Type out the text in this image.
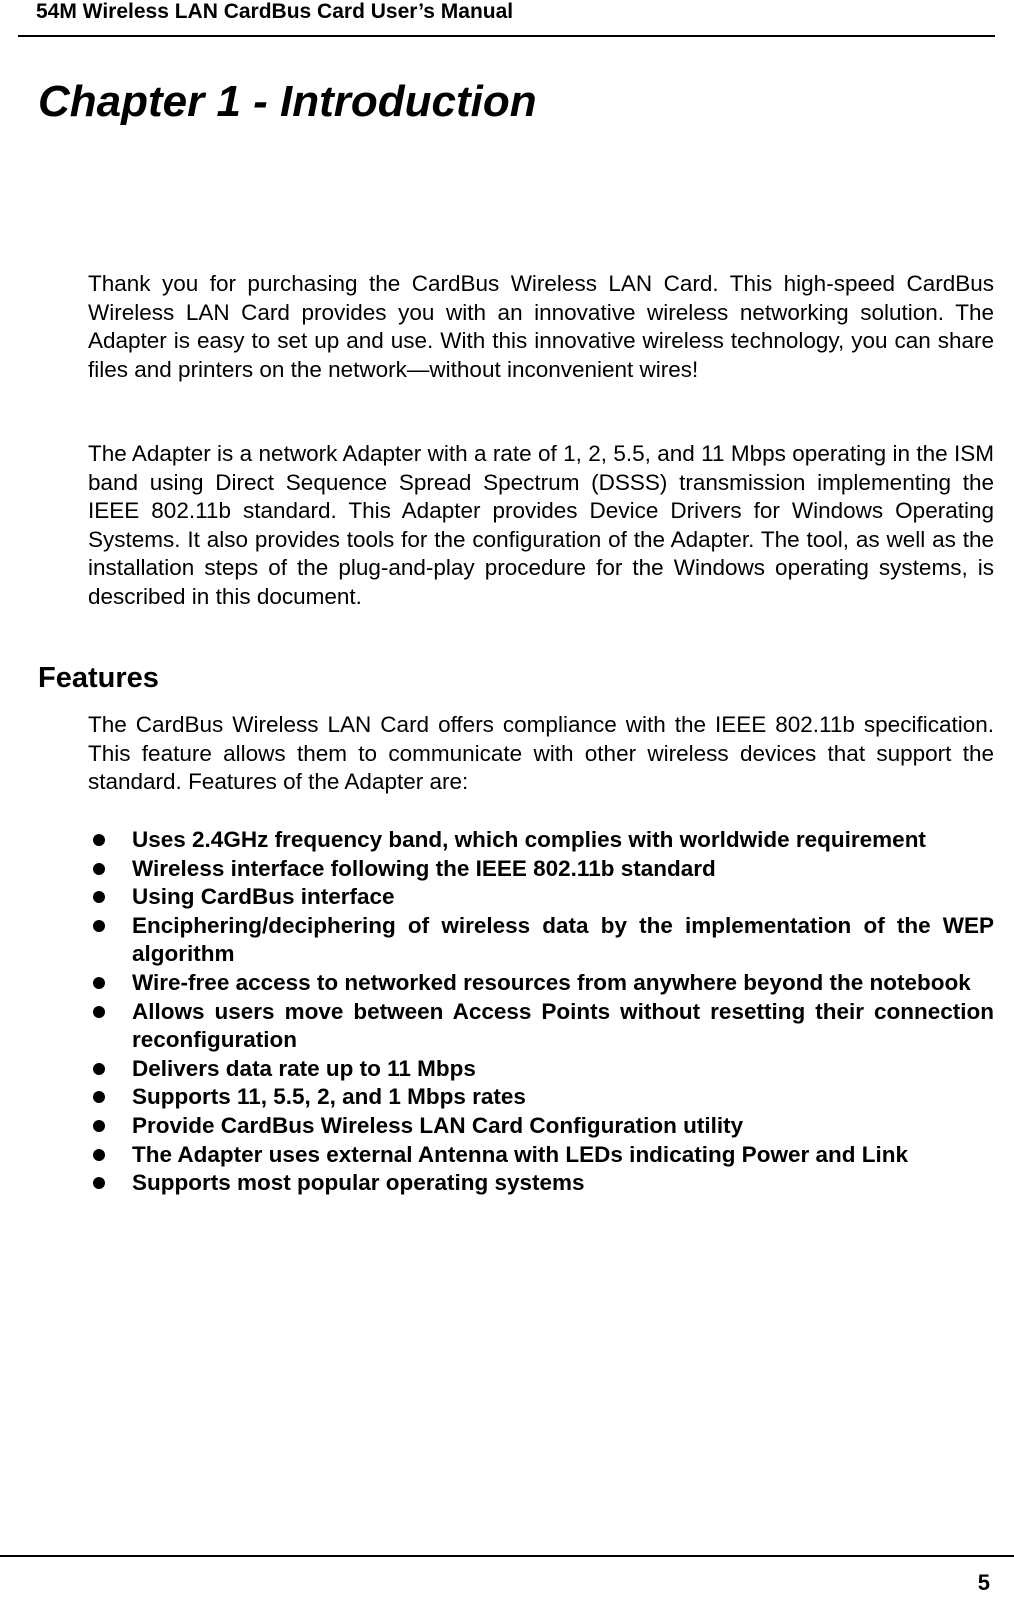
54M Wireless LAN CardBus Card User’s Manual
Chapter 1 - Introduction

Thank you for purchasing the CardBus Wireless LAN Card. This high-speed CardBus Wireless LAN Card provides you with an innovative wireless networking solution. The Adapter is easy to set up and use. With this innovative wireless technology, you can share files and printers on the network—without inconvenient wires!

The Adapter is a network Adapter with a rate of 1, 2, 5.5, and 11 Mbps operating in the ISM band using Direct Sequence Spread Spectrum (DSSS) transmission implementing the IEEE 802.11b standard. This Adapter provides Device Drivers for Windows Operating Systems. It also provides tools for the configuration of the Adapter. The tool, as well as the installation steps of the plug-and-play procedure for the Windows operating systems, is described in this document.

Features

The CardBus Wireless LAN Card offers compliance with the IEEE 802.11b specification. This feature allows them to communicate with other wireless devices that support the standard. Features of the Adapter are:

Uses 2.4GHz frequency band, which complies with worldwide requirement
Wireless interface following the IEEE 802.11b standard
Using CardBus interface
Enciphering/deciphering of wireless data by the implementation of the WEP algorithm
Wire-free access to networked resources from anywhere beyond the notebook
Allows users move between Access Points without resetting their connection reconfiguration
Delivers data rate up to 11 Mbps
Supports 11, 5.5, 2, and 1 Mbps rates
Provide CardBus Wireless LAN Card Configuration utility
The Adapter uses external Antenna with LEDs indicating Power and Link
Supports most popular operating systems
5
